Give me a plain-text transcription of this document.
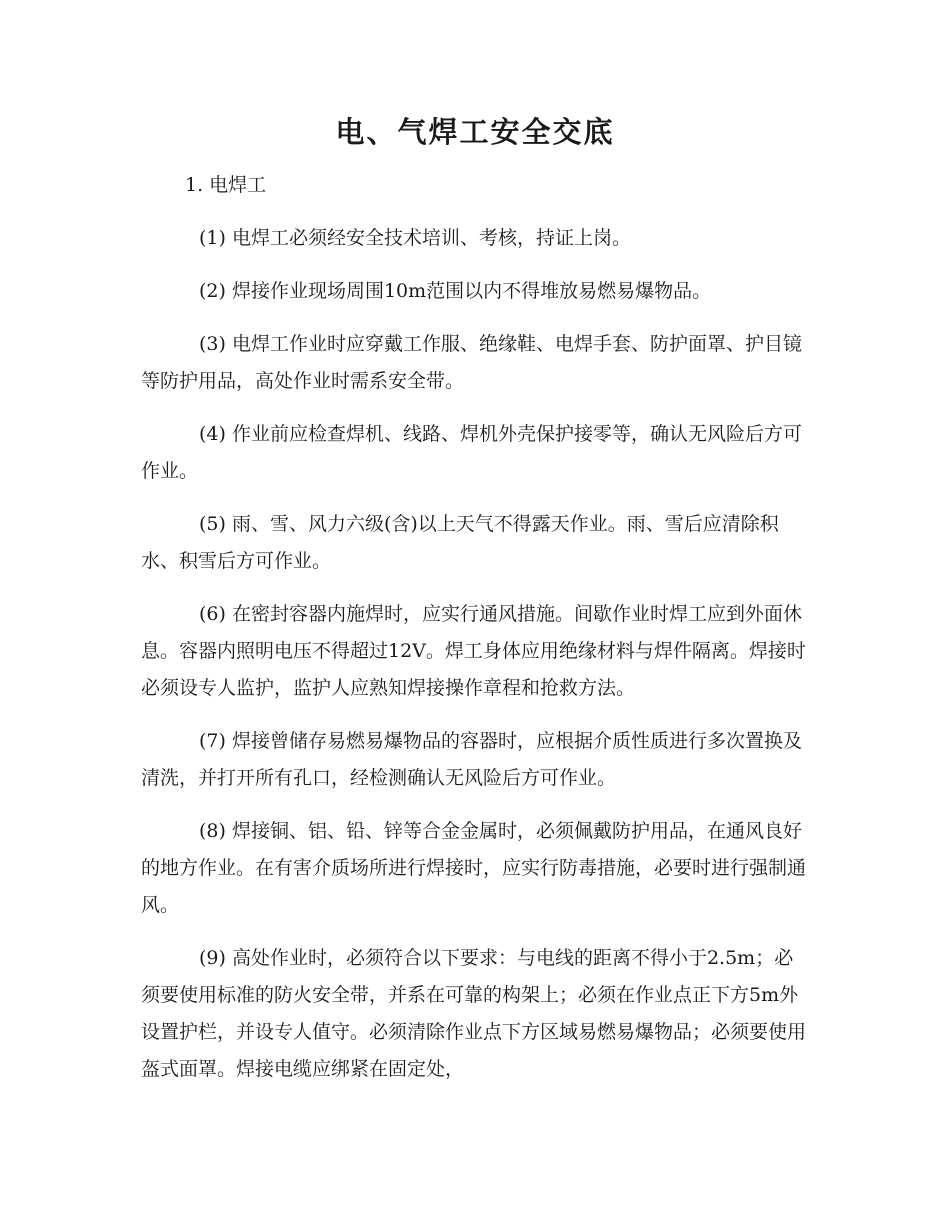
电、气焊工安全交底

1. 电焊工

(1) 电焊工必须经安全技术培训、考核，持证上岗。

(2) 焊接作业现场周围10m范围以内不得堆放易燃易爆物品。

(3) 电焊工作业时应穿戴工作服、绝缘鞋、电焊手套、防护面罩、护目镜等防护用品，高处作业时需系安全带。

(4) 作业前应检查焊机、线路、焊机外壳保护接零等，确认无风险后方可作业。

(5) 雨、雪、风力六级(含)以上天气不得露天作业。雨、雪后应清除积水、积雪后方可作业。

(6) 在密封容器内施焊时，应实行通风措施。间歇作业时焊工应到外面休息。容器内照明电压不得超过12V。焊工身体应用绝缘材料与焊件隔离。焊接时必须设专人监护，监护人应熟知焊接操作章程和抢救方法。

(7) 焊接曾储存易燃易爆物品的容器时，应根据介质性质进行多次置换及清洗，并打开所有孔口，经检测确认无风险后方可作业。

(8) 焊接铜、铝、铅、锌等合金金属时，必须佩戴防护用品，在通风良好的地方作业。在有害介质场所进行焊接时，应实行防毒措施，必要时进行强制通风。

(9) 高处作业时，必须符合以下要求：与电线的距离不得小于2.5m；必须要使用标准的防火安全带，并系在可靠的构架上；必须在作业点正下方5m外设置护栏，并设专人值守。必须清除作业点下方区域易燃易爆物品；必须要使用盔式面罩。焊接电缆应绑紧在固定处，
